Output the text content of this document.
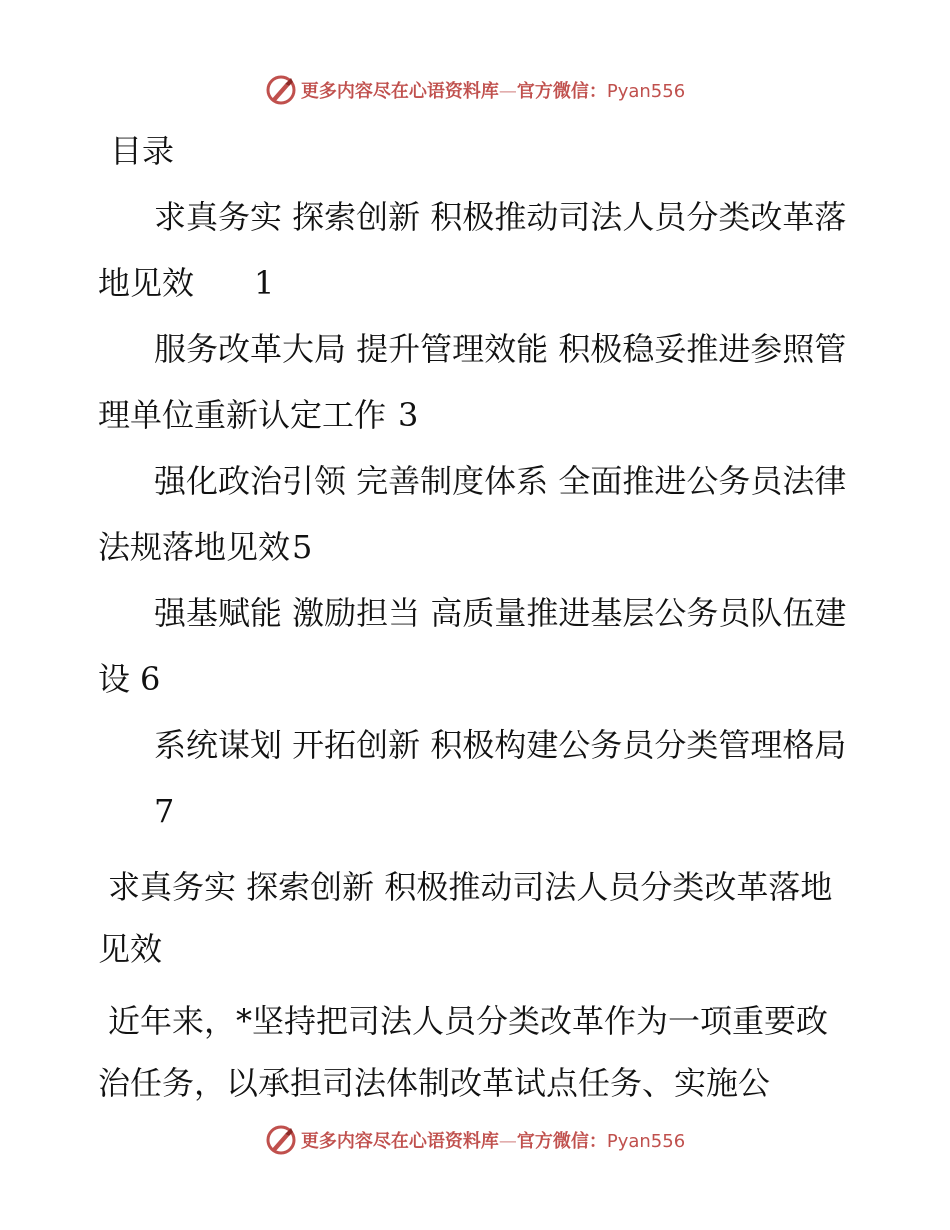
更多内容尽在心语资料库—官方微信：Pyan556
目录
求真务实 探索创新 积极推动司法人员分类改革落地见效 1
服务改革大局 提升管理效能 积极稳妥推进参照管理单位重新认定工作 3
强化政治引领 完善制度体系 全面推进公务员法律法规落地见效5
强基赋能 激励担当 高质量推进基层公务员队伍建设 6
系统谋划 开拓创新 积极构建公务员分类管理格局7
求真务实 探索创新 积极推动司法人员分类改革落地见效
近年来，*坚持把司法人员分类改革作为一项重要政治任务，以承担司法体制改革试点任务、实施公
更多内容尽在心语资料库—官方微信：Pyan556
